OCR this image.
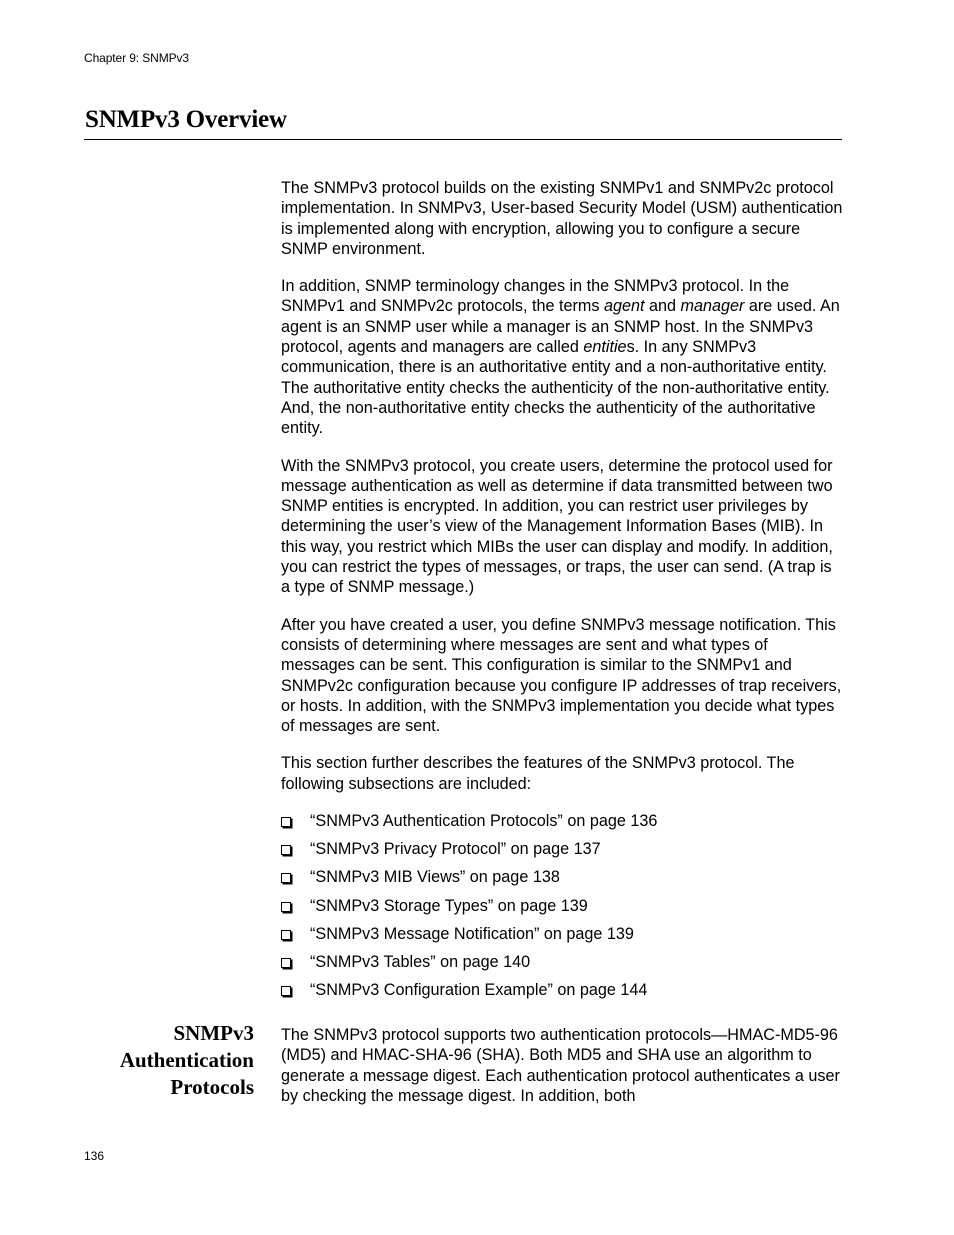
Chapter 9: SNMPv3
SNMPv3 Overview

The SNMPv3 protocol builds on the existing SNMPv1 and SNMPv2c protocol implementation. In SNMPv3, User-based Security Model (USM) authentication is implemented along with encryption, allowing you to configure a secure SNMP environment.

In addition, SNMP terminology changes in the SNMPv3 protocol. In the SNMPv1 and SNMPv2c protocols, the terms agent and manager are used. An agent is an SNMP user while a manager is an SNMP host. In the SNMPv3 protocol, agents and managers are called entities. In any SNMPv3 communication, there is an authoritative entity and a non-authoritative entity. The authoritative entity checks the authenticity of the non-authoritative entity. And, the non-authoritative entity checks the authenticity of the authoritative entity.

With the SNMPv3 protocol, you create users, determine the protocol used for message authentication as well as determine if data transmitted between two SNMP entities is encrypted. In addition, you can restrict user privileges by determining the user’s view of the Management Information Bases (MIB). In this way, you restrict which MIBs the user can display and modify. In addition, you can restrict the types of messages, or traps, the user can send. (A trap is a type of SNMP message.)

After you have created a user, you define SNMPv3 message notification. This consists of determining where messages are sent and what types of messages can be sent. This configuration is similar to the SNMPv1 and SNMPv2c configuration because you configure IP addresses of trap receivers, or hosts. In addition, with the SNMPv3 implementation you decide what types of messages are sent.

This section further describes the features of the SNMPv3 protocol. The following subsections are included:

“SNMPv3 Authentication Protocols” on page 136
“SNMPv3 Privacy Protocol” on page 137
“SNMPv3 MIB Views” on page 138
“SNMPv3 Storage Types” on page 139
“SNMPv3 Message Notification” on page 139
“SNMPv3 Tables” on page 140
“SNMPv3 Configuration Example” on page 144
SNMPv3
Authentication
Protocols

The SNMPv3 protocol supports two authentication protocols—HMAC-MD5-96 (MD5) and HMAC-SHA-96 (SHA). Both MD5 and SHA use an algorithm to generate a message digest. Each authentication protocol authenticates a user by checking the message digest. In addition, both

136
